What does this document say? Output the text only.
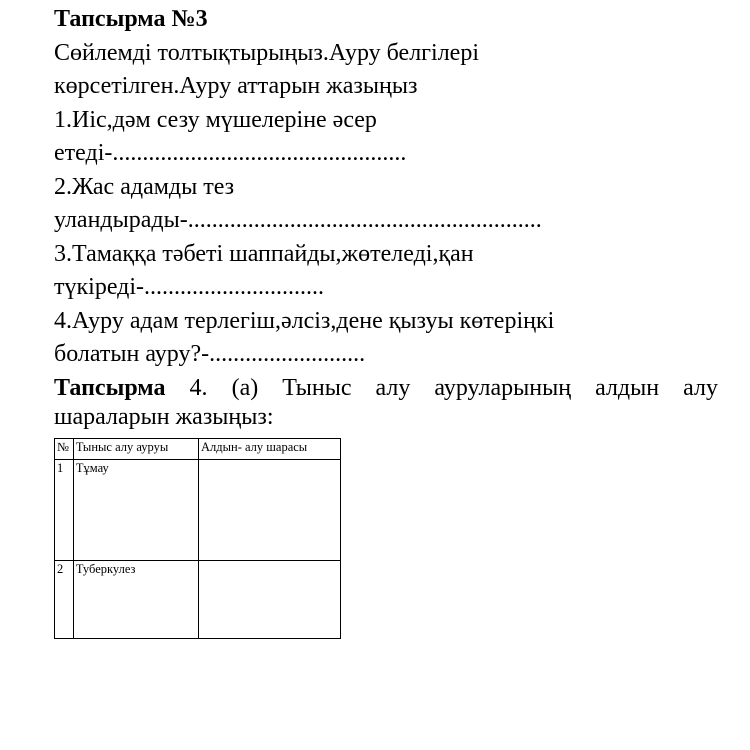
Тапсырма №3

Сөйлемді толтықтырыңыз.Ауру белгілері

көрсетілген.Ауру аттарын жазыңыз

1.Иіс,дәм сезу мүшелеріне әсер

етеді-.................................................

2.Жас адамды тез

уландырады-...........................................................

3.Тамаққа тәбеті шаппайды,жөтеледі,қан

түкіреді-..............................

4.Ауру адам терлегіш,әлсіз,дене қызуы көтеріңкі

болатын ауру?-..........................

Тапсырма 4. (а) Тыныс алу ауруларының алдын алу

шараларын жазыңыз:

№	Тыныс алу ауруы	Алдын- алу шарасы
1	Тұмау	
2	Туберкулез	
